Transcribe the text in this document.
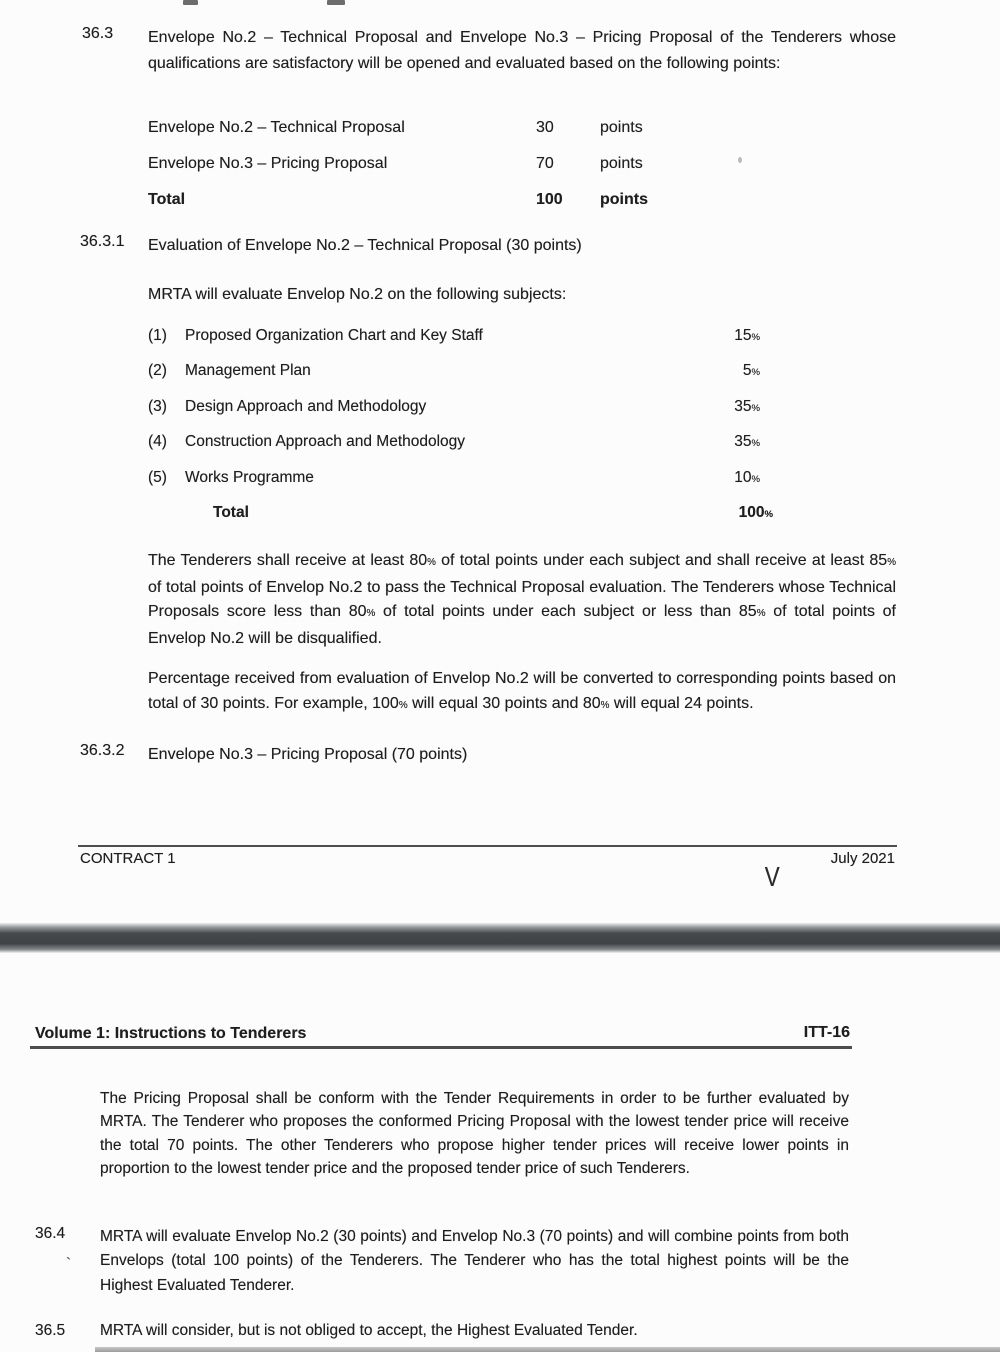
36.3 Envelope No.2 – Technical Proposal and Envelope No.3 – Pricing Proposal of the Tenderers whose qualifications are satisfactory will be opened and evaluated based on the following points:
Envelope No.2 – Technical Proposal	30	points
Envelope No.3 – Pricing Proposal	70	points
Total	100 points
36.3.1 Evaluation of Envelope No.2 – Technical Proposal (30 points)
MRTA will evaluate Envelop No.2 on the following subjects:
(1) Proposed Organization Chart and Key Staff	15%
(2) Management Plan	5%
(3) Design Approach and Methodology	35%
(4) Construction Approach and Methodology	35%
(5) Works Programme	10%
Total	100%
The Tenderers shall receive at least 80% of total points under each subject and shall receive at least 85% of total points of Envelop No.2 to pass the Technical Proposal evaluation. The Tenderers whose Technical Proposals score less than 80% of total points under each subject or less than 85% of total points of Envelop No.2 will be disqualified.
Percentage received from evaluation of Envelop No.2 will be converted to corresponding points based on total of 30 points. For example, 100% will equal 30 points and 80% will equal 24 points.
36.3.2 Envelope No.3 – Pricing Proposal (70 points)
CONTRACT 1	July 2021
V
Volume 1: Instructions to Tenderers	ITT-16
The Pricing Proposal shall be conform with the Tender Requirements in order to be further evaluated by MRTA. The Tenderer who proposes the conformed Pricing Proposal with the lowest tender price will receive the total 70 points. The other Tenderers who propose higher tender prices will receive lower points in proportion to the lowest tender price and the proposed tender price of such Tenderers.
36.4 MRTA will evaluate Envelop No.2 (30 points) and Envelop No.3 (70 points) and will combine points from both Envelops (total 100 points) of the Tenderers. The Tenderer who has the total highest points will be the Highest Evaluated Tenderer.
`
36.5 MRTA will consider, but is not obliged to accept, the Highest Evaluated Tender.
